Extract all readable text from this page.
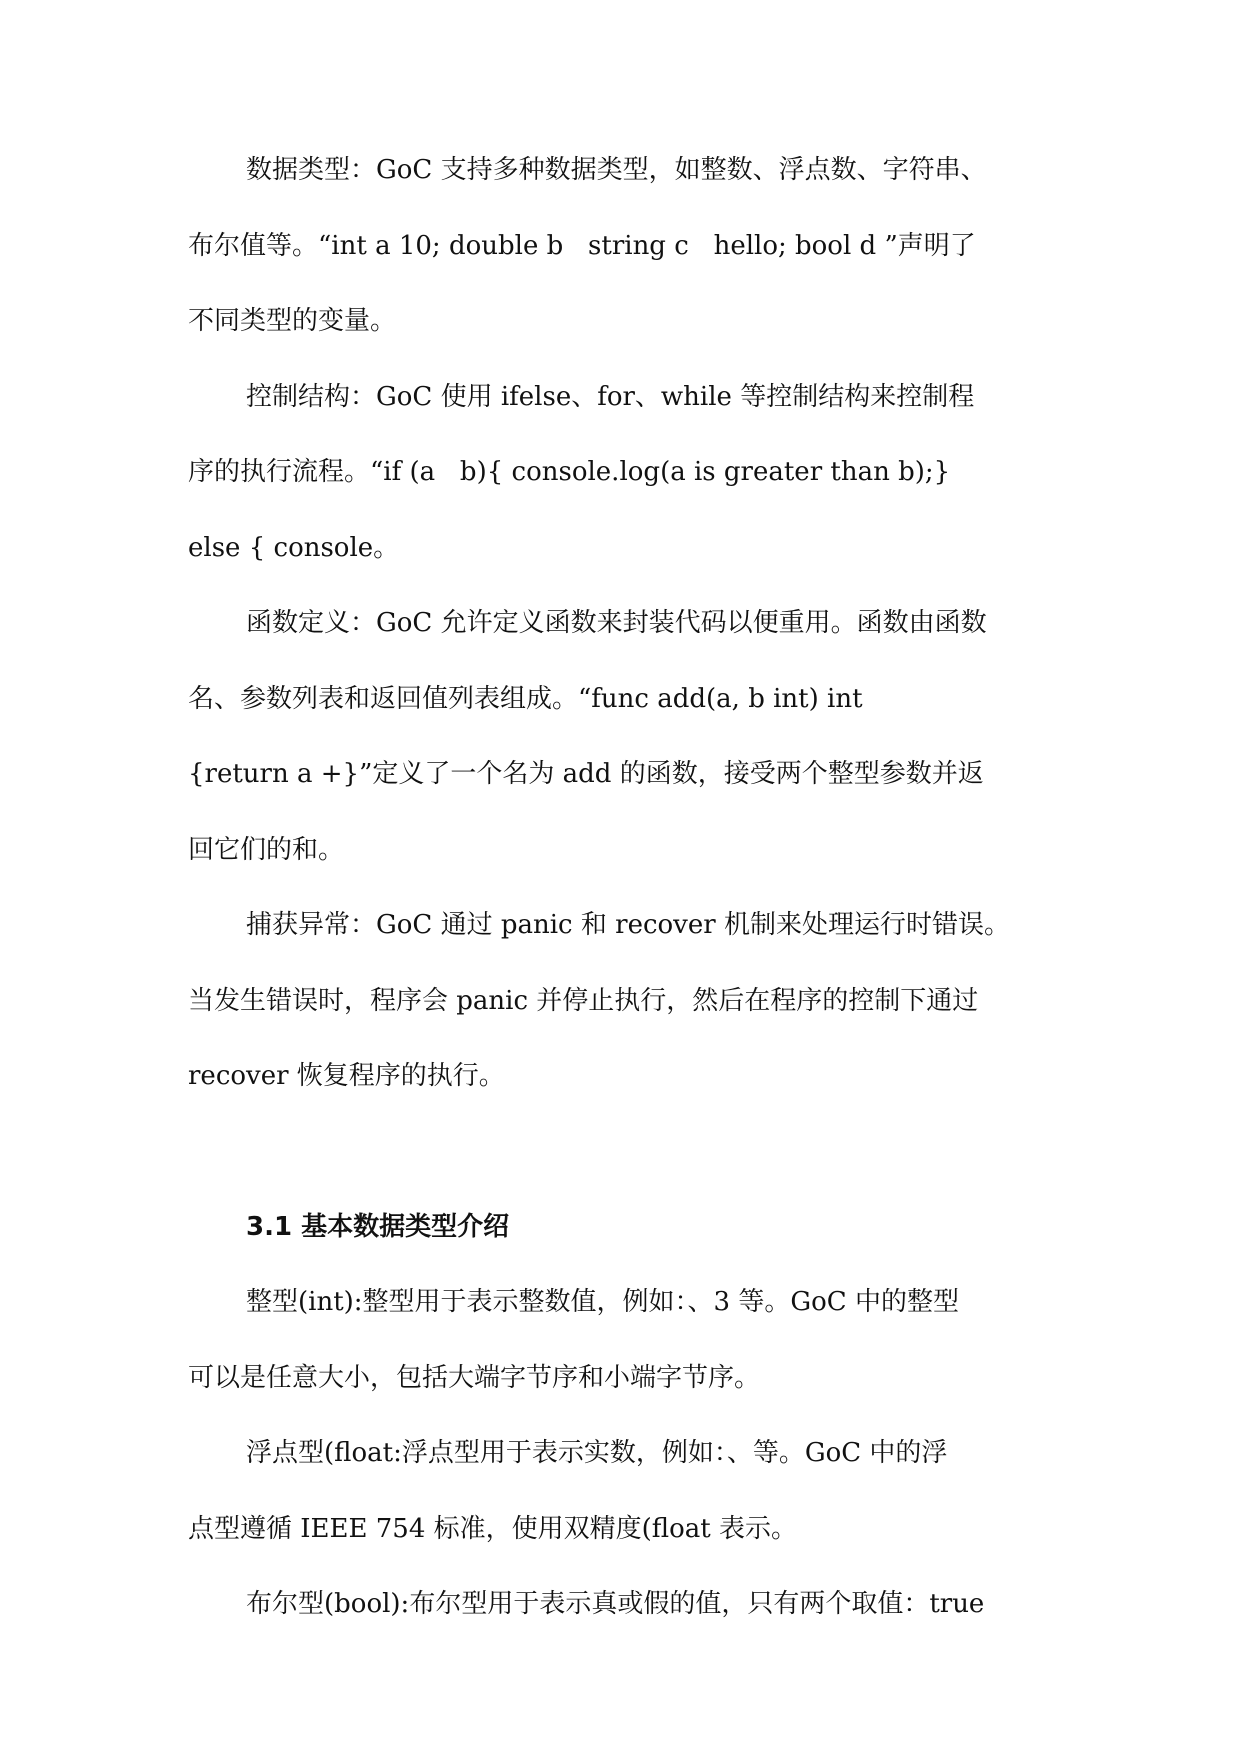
数据类型：GoC 支持多种数据类型，如整数、浮点数、字符串、
布尔值等。“int a 10; double b   string c   hello; bool d ”声明了
不同类型的变量。
控制结构：GoC 使用 ifelse、for、while 等控制结构来控制程
序的执行流程。“if (a   b){ console.log(a is greater than b);}
else { console。
函数定义：GoC 允许定义函数来封装代码以便重用。函数由函数
名、参数列表和返回值列表组成。“func add(a, b int) int
{return a +}”定义了一个名为 add 的函数，接受两个整型参数并返
回它们的和。
捕获异常：GoC 通过 panic 和 recover 机制来处理运行时错误。
当发生错误时，程序会 panic 并停止执行，然后在程序的控制下通过
recover 恢复程序的执行。
3.1 基本数据类型介绍
整型(int):整型用于表示整数值，例如：、3 等。GoC 中的整型
可以是任意大小，包括大端字节序和小端字节序。
浮点型(float:浮点型用于表示实数，例如：、等。GoC 中的浮
点型遵循 IEEE 754 标准，使用双精度(float 表示。
布尔型(bool):布尔型用于表示真或假的值，只有两个取值：true
